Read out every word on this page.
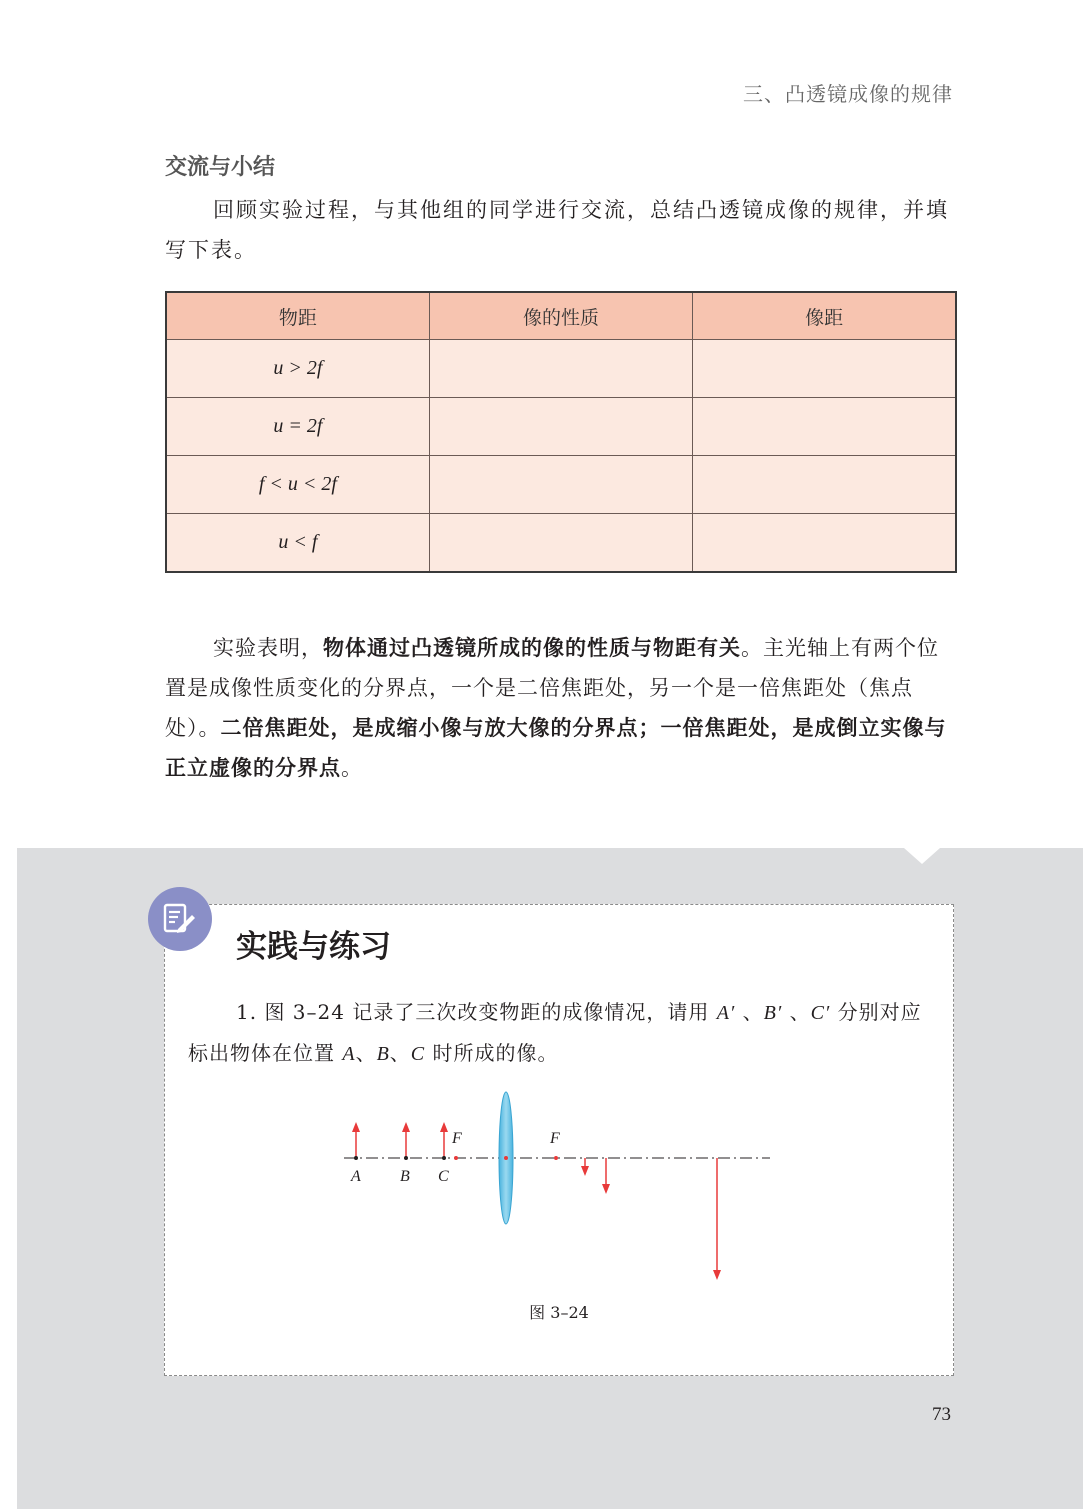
三、凸透镜成像的规律
交流与小结

回顾实验过程，与其他组的同学进行交流，总结凸透镜成像的规律，并填写下表。

物距	像的性质	像距
u > 2f		
u = 2f		
f < u < 2f		
u < f		

实验表明，物体通过凸透镜所成的像的性质与物距有关。主光轴上有两个位置是成像性质变化的分界点，一个是二倍焦距处，另一个是一倍焦距处（焦点处）。二倍焦距处，是成缩小像与放大像的分界点；一倍焦距处，是成倒立实像与正立虚像的分界点。

实践与练习

1. 图 3–24 记录了三次改变物距的成像情况，请用 A′ 、B′ 、C′ 分别对应标出物体在位置 A、B、C 时所成的像。

F	F
A B C
图 3–24
73
